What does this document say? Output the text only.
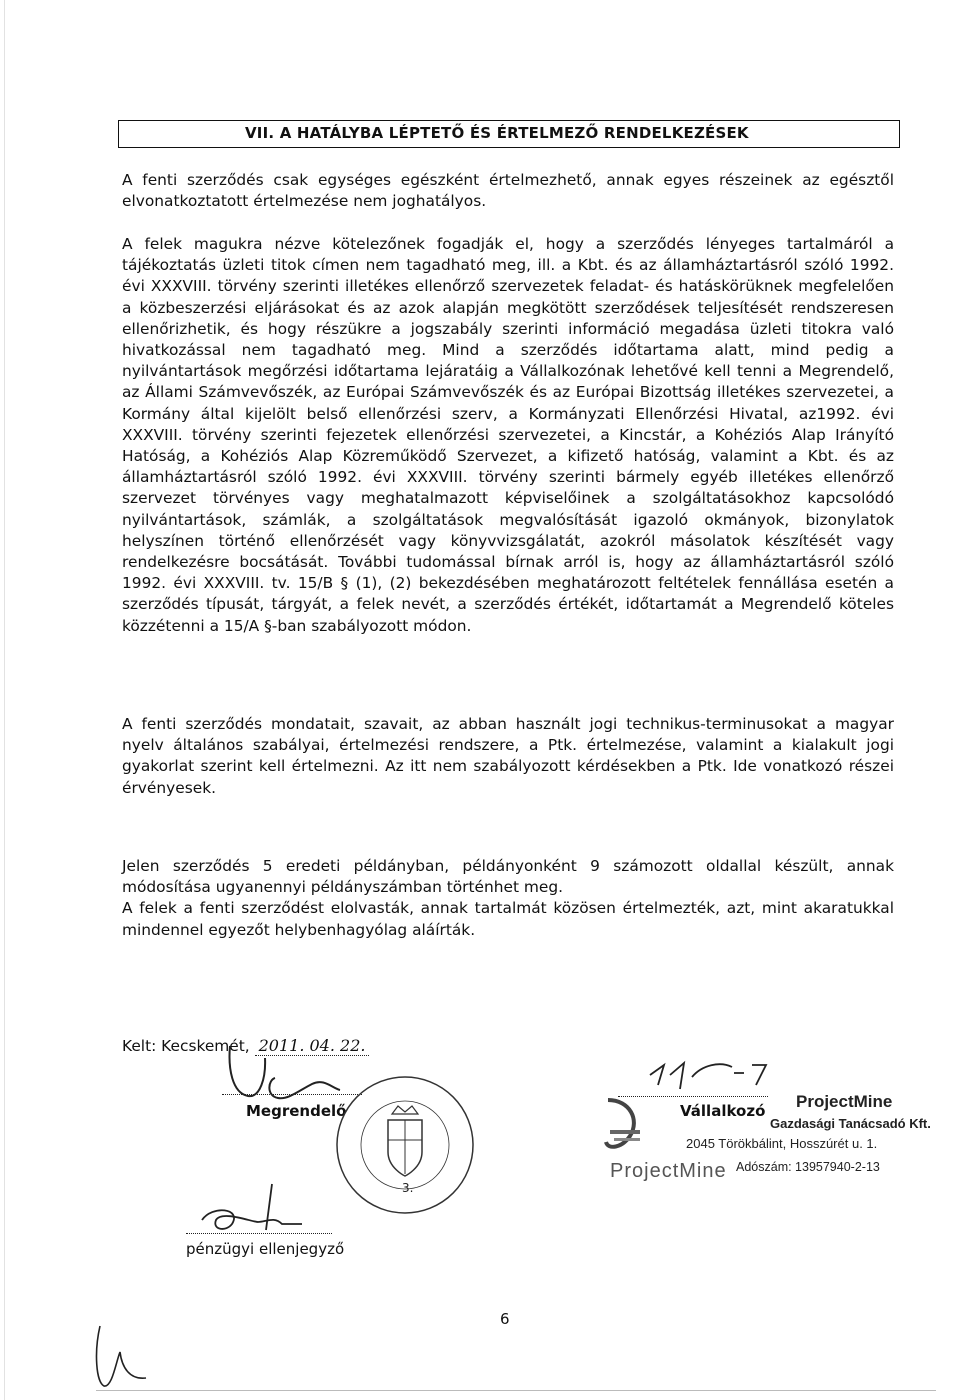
VII. A HATÁLYBA LÉPTETŐ ÉS ÉRTELMEZŐ RENDELKEZÉSEK

A fenti szerződés csak egységes egészként értelmezhető, annak egyes részeinek az egésztől elvonatkoztatott értelmezése nem joghatályos.

A felek magukra nézve kötelezőnek fogadják el, hogy a szerződés lényeges tartalmáról a tájékoztatás üzleti titok címen nem tagadható meg, ill. a Kbt. és az államháztartásról szóló 1992. évi XXXVIII. törvény szerinti illetékes ellenőrző szervezetek feladat- és hatáskörüknek megfelelően a közbeszerzési eljárásokat és az azok alapján megkötött szerződések teljesítését rendszeresen ellenőrizhetik, és hogy részükre a jogszabály szerinti információ megadása üzleti titokra való hivatkozással nem tagadható meg. Mind a szerződés időtartama alatt, mind pedig a nyilvántartások megőrzési időtartama lejáratáig a Vállalkozónak lehetővé kell tenni a Megrendelő, az Állami Számvevőszék, az Európai Számvevőszék és az Európai Bizottság illetékes szervezetei, a Kormány által kijelölt belső ellenőrzési szerv, a Kormányzati Ellenőrzési Hivatal, az1992. évi XXXVIII. törvény szerinti fejezetek ellenőrzési szervezetei, a Kincstár, a Kohéziós Alap Irányító Hatóság, a Kohéziós Alap Közreműködő Szervezet, a kifizető hatóság, valamint a Kbt. és az államháztartásról szóló 1992. évi XXXVIII. törvény szerinti bármely egyéb illetékes ellenőrző szervezet törvényes vagy meghatalmazott képviselőinek a szolgáltatásokhoz kapcsolódó nyilvántartások, számlák, a szolgáltatások megvalósítását igazoló okmányok, bizonylatok helyszínen történő ellenőrzését vagy könyvvizsgálatát, azokról másolatok készítését vagy rendelkezésre bocsátását. További tudomással bírnak arról is, hogy az államháztartásról szóló 1992. évi XXXVIII. tv. 15/B § (1), (2) bekezdésében meghatározott feltételek fennállása esetén a szerződés típusát, tárgyát, a felek nevét, a szerződés értékét, időtartamát a Megrendelő köteles közzétenni a 15/A §-ban szabályozott módon.

A fenti szerződés mondatait, szavait, az abban használt jogi technikus-terminusokat a magyar nyelv általános szabályai, értelmezési rendszere, a Ptk. értelmezése, valamint a kialakult jogi gyakorlat szerint kell értelmezni. Az itt nem szabályozott kérdésekben a Ptk. Ide vonatkozó részei érvényesek.

Jelen szerződés 5 eredeti példányban, példányonként 9 számozott oldallal készült, annak módosítása ugyanennyi példányszámban történhet meg.
A felek a fenti szerződést elolvasták, annak tartalmát közösen értelmezték, azt, mint akaratukkal mindennel egyezőt helybenhagyólag aláírták.

Kelt: Kecskemét, 2011. 04. 22.
Megrendelő
3.
pénzügyi ellenjegyző
Vállalkozó ProjectMine
Gazdasági Tanácsadó Kft.
2045 Törökbálint, Hosszúrét u. 1.
Adószám: 13957940-2-13
ProjectMine
6
